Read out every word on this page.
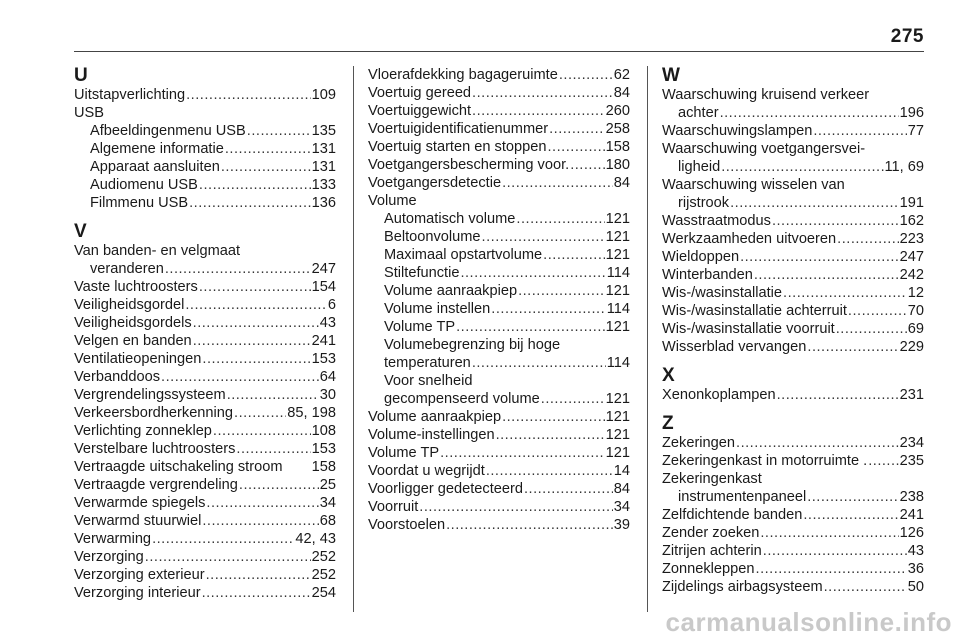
275
U
Uitstapverlichting .....	109
USB
Afbeeldingenmenu USB .....	135
Algemene informatie .....	131
Apparaat aansluiten .....	131
Audiomenu USB .....	133
Filmmenu USB .....	136
V
Van banden- en velgmaat
veranderen .....	247
Vaste luchtroosters .....	154
Veiligheidsgordel .....	6
Veiligheidsgordels .....	43
Velgen en banden .....	241
Ventilatieopeningen .....	153
Verbanddoos .....	64
Vergrendelingssysteem .....	30
Verkeersbordherkenning .....	85, 198
Verlichting zonneklep .....	108
Verstelbare luchtroosters .....	153
Vertraagde uitschakeling stroom 158
Vertraagde vergrendeling .....	25
Verwarmde spiegels .....	34
Verwarmd stuurwiel .....	68
Verwarming .....	42, 43
Verzorging .....	252
Verzorging exterieur .....	252
Verzorging interieur .....	254
Vloerafdekking bagageruimte .....	62
Voertuig gereed .....	84
Voertuiggewicht .....	260
Voertuigidentificatienummer .....	258
Voertuig starten en stoppen .....	158
Voetgangersbescherming voor. ..... 180
Voetgangersdetectie .....	84
Volume
Automatisch volume .....	121
Beltoonvolume .....	121
Maximaal opstartvolume .....	121
Stiltefunctie .....	114
Volume aanraakpiep .....	121
Volume instellen .....	114
Volume TP .....	121
Volumebegrenzing bij hoge
temperaturen .....	114
Voor snelheid
gecompenseerd volume .....	121
Volume aanraakpiep .....	121
Volume-instellingen .....	121
Volume TP .....	121
Voordat u wegrijdt .....	14
Voorligger gedetecteerd .....	84
Voorruit .....	34
Voorstoelen .....	39
W
Waarschuwing kruisend verkeer
achter .....	196
Waarschuwingslampen .....	77
Waarschuwing voetgangersvei-
ligheid .....	11, 69
Waarschuwing wisselen van
rijstrook .....	191
Wasstraatmodus .....	162
Werkzaamheden uitvoeren .....	223
Wieldoppen .....	247
Winterbanden .....	242
Wis-/wasinstallatie .....	12
Wis-/wasinstallatie achterruit .....	70
Wis-/wasinstallatie voorruit .....	69
Wisserblad vervangen .....	229
X
Xenonkoplampen .....	231
Z
Zekeringen .....	234
Zekeringenkast in motorruimte . ..... 235
Zekeringenkast
instrumentenpaneel .....	238
Zelfdichtende banden .....	241
Zender zoeken .....	126
Zitrijen achterin .....	43
Zonnekleppen .....	36
Zijdelings airbagsysteem .....	50
carmanualsonline.info
